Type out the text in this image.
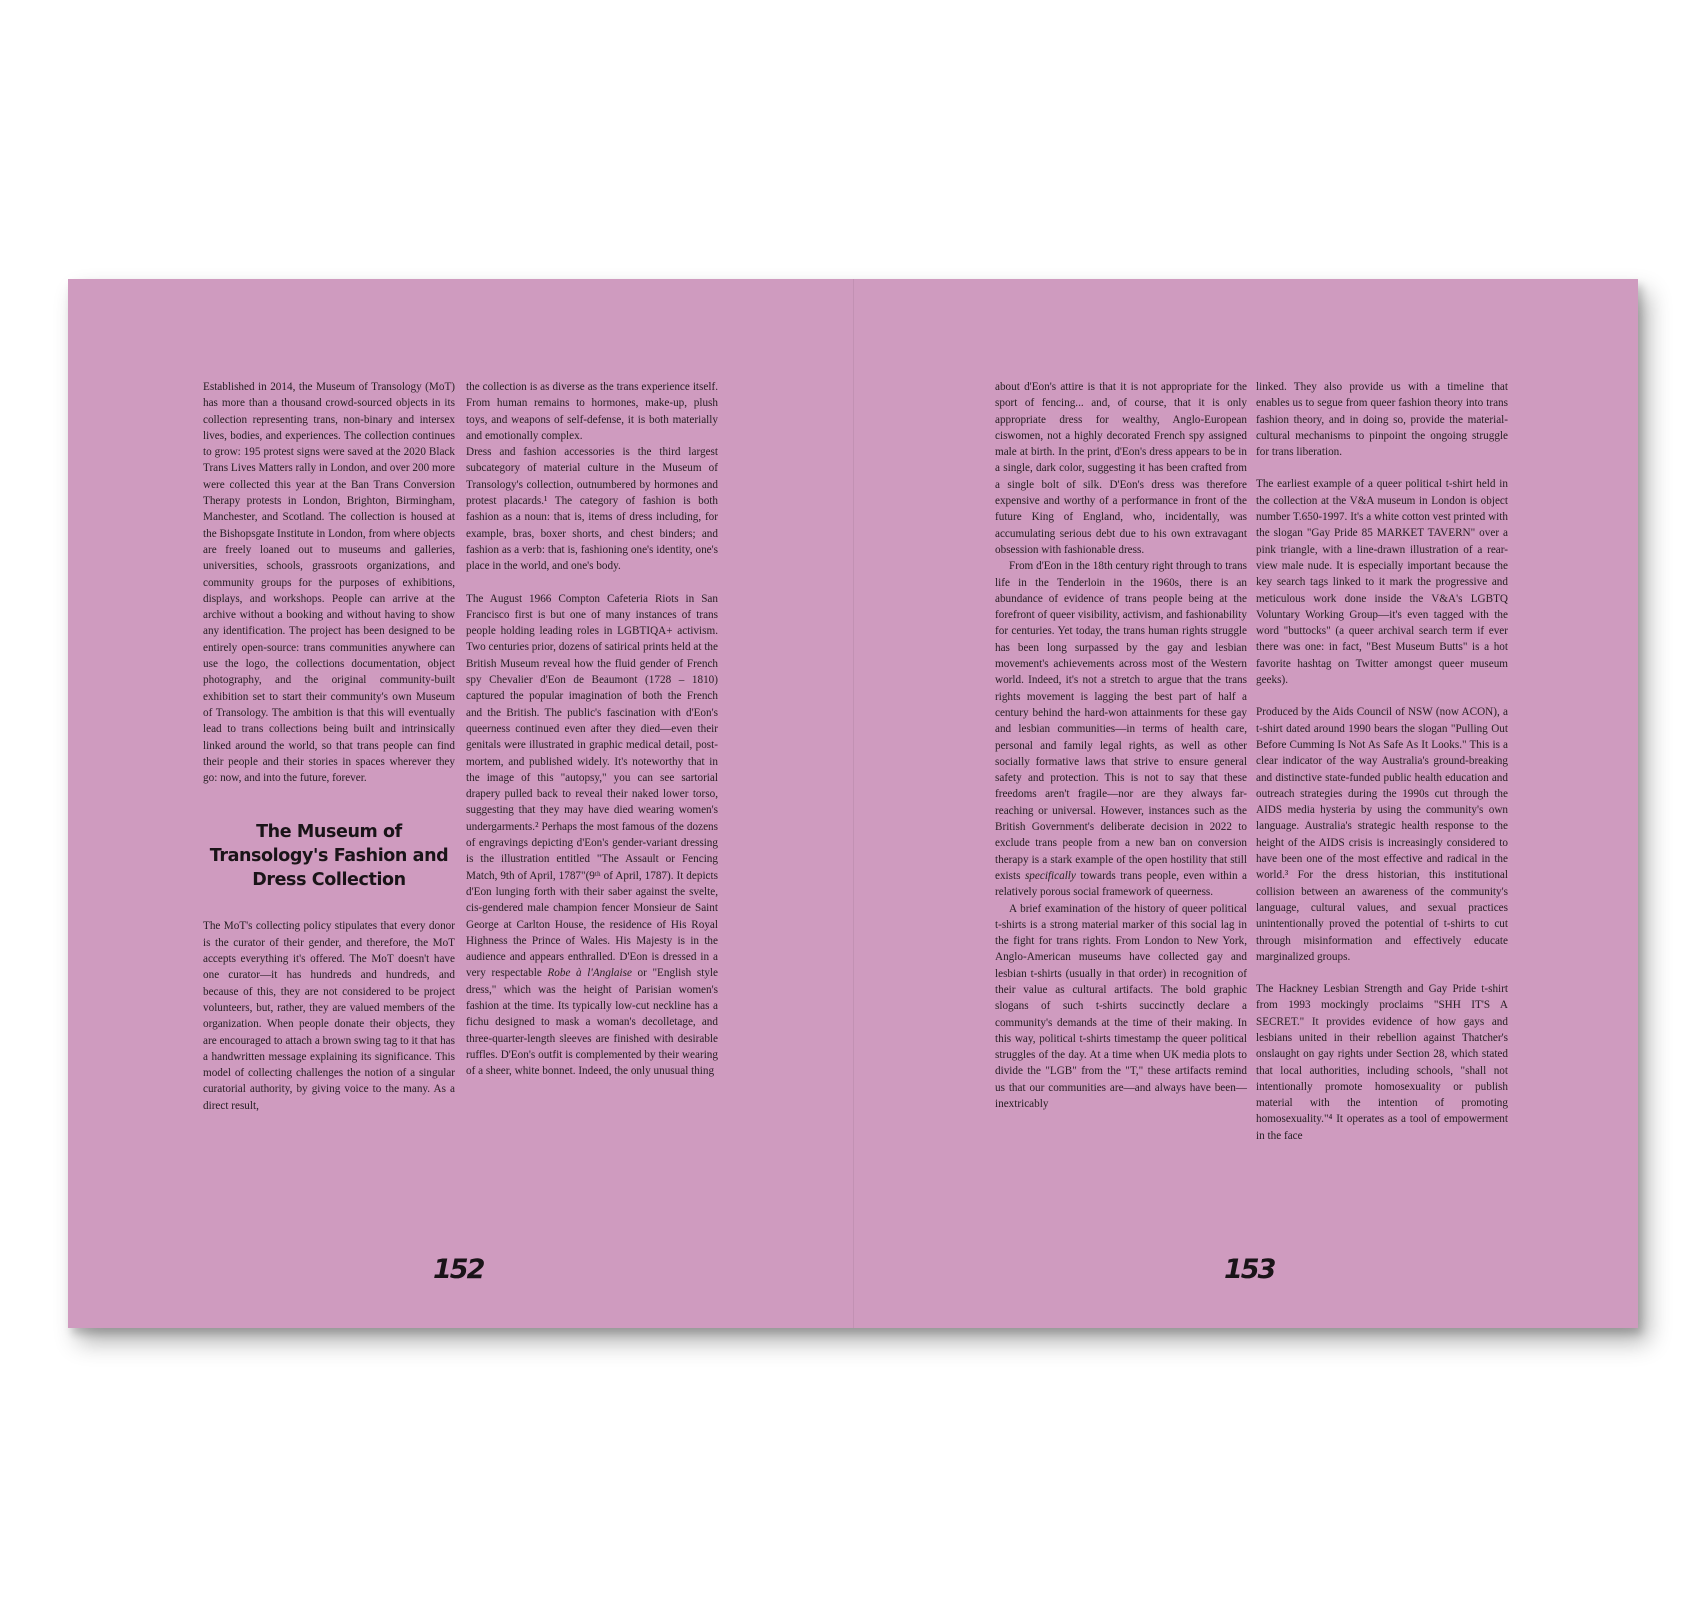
Established in 2014, the Museum of Transology (MoT) has more than a thousand crowd-sourced objects in its collection representing trans, non-binary and intersex lives, bodies, and experiences. The collection continues to grow: 195 protest signs were saved at the 2020 Black Trans Lives Matters rally in London, and over 200 more were collected this year at the Ban Trans Conversion Therapy protests in London, Brighton, Birmingham, Manchester, and Scotland. The collection is housed at the Bishopsgate Institute in London, from where objects are freely loaned out to museums and galleries, universities, schools, grassroots organizations, and community groups for the purposes of exhibitions, displays, and workshops. People can arrive at the archive without a booking and without having to show any identification. The project has been designed to be entirely open-source: trans communities anywhere can use the logo, the collections documentation, object photography, and the original community-built exhibition set to start their community's own Museum of Transology. The ambition is that this will eventually lead to trans collections being built and intrinsically linked around the world, so that trans people can find their people and their stories in spaces wherever they go: now, and into the future, forever.

The Museum of Transology's Fashion and Dress Collection

The MoT's collecting policy stipulates that every donor is the curator of their gender, and therefore, the MoT accepts everything it's offered. The MoT doesn't have one curator—it has hundreds and hundreds, and because of this, they are not considered to be project volunteers, but, rather, they are valued members of the organization. When people donate their objects, they are encouraged to attach a brown swing tag to it that has a handwritten message explaining its significance. This model of collecting challenges the notion of a singular curatorial authority, by giving voice to the many. As a direct result,

the collection is as diverse as the trans experience itself. From human remains to hormones, make-up, plush toys, and weapons of self-defense, it is both materially and emotionally complex.

Dress and fashion accessories is the third largest subcategory of material culture in the Museum of Transology's collection, outnumbered by hormones and protest placards.¹ The category of fashion is both fashion as a noun: that is, items of dress including, for example, bras, boxer shorts, and chest binders; and fashion as a verb: that is, fashioning one's identity, one's place in the world, and one's body.

The August 1966 Compton Cafeteria Riots in San Francisco first is but one of many instances of trans people holding leading roles in LGBTIQA+ activism. Two centuries prior, dozens of satirical prints held at the British Museum reveal how the fluid gender of French spy Chevalier d'Eon de Beaumont (1728 – 1810) captured the popular imagination of both the French and the British. The public's fascination with d'Eon's queerness continued even after they died—even their genitals were illustrated in graphic medical detail, post-mortem, and published widely. It's noteworthy that in the image of this "autopsy," you can see sartorial drapery pulled back to reveal their naked lower torso, suggesting that they may have died wearing women's undergarments.² Perhaps the most famous of the dozens of engravings depicting d'Eon's gender-variant dressing is the illustration entitled "The Assault or Fencing Match, 9th of April, 1787"(9ᵗʰ of April, 1787). It depicts d'Eon lunging forth with their saber against the svelte, cis-gendered male champion fencer Monsieur de Saint George at Carlton House, the residence of His Royal Highness the Prince of Wales. His Majesty is in the audience and appears enthralled. D'Eon is dressed in a very respectable Robe à l'Anglaise or "English style dress," which was the height of Parisian women's fashion at the time. Its typically low-cut neckline has a fichu designed to mask a woman's decolletage, and three-quarter-length sleeves are finished with desirable ruffles. D'Eon's outfit is complemented by their wearing of a sheer, white bonnet. Indeed, the only unusual thing

152

about d'Eon's attire is that it is not appropriate for the sport of fencing... and, of course, that it is only appropriate dress for wealthy, Anglo-European ciswomen, not a highly decorated French spy assigned male at birth. In the print, d'Eon's dress appears to be in a single, dark color, suggesting it has been crafted from a single bolt of silk. D'Eon's dress was therefore expensive and worthy of a performance in front of the future King of England, who, incidentally, was accumulating serious debt due to his own extravagant obsession with fashionable dress.

From d'Eon in the 18th century right through to trans life in the Tenderloin in the 1960s, there is an abundance of evidence of trans people being at the forefront of queer visibility, activism, and fashionability for centuries. Yet today, the trans human rights struggle has been long surpassed by the gay and lesbian movement's achievements across most of the Western world. Indeed, it's not a stretch to argue that the trans rights movement is lagging the best part of half a century behind the hard-won attainments for these gay and lesbian communities—in terms of health care, personal and family legal rights, as well as other socially formative laws that strive to ensure general safety and protection. This is not to say that these freedoms aren't fragile—nor are they always far-reaching or universal. However, instances such as the British Government's deliberate decision in 2022 to exclude trans people from a new ban on conversion therapy is a stark example of the open hostility that still exists specifically towards trans people, even within a relatively porous social framework of queerness.

A brief examination of the history of queer political t-shirts is a strong material marker of this social lag in the fight for trans rights. From London to New York, Anglo-American museums have collected gay and lesbian t-shirts (usually in that order) in recognition of their value as cultural artifacts. The bold graphic slogans of such t-shirts succinctly declare a community's demands at the time of their making. In this way, political t-shirts timestamp the queer political struggles of the day. At a time when UK media plots to divide the "LGB" from the "T," these artifacts remind us that our communities are—and always have been—inextricably

linked. They also provide us with a timeline that enables us to segue from queer fashion theory into trans fashion theory, and in doing so, provide the material-cultural mechanisms to pinpoint the ongoing struggle for trans liberation.

The earliest example of a queer political t-shirt held in the collection at the V&A museum in London is object number T.650-1997. It's a white cotton vest printed with the slogan "Gay Pride 85 MARKET TAVERN" over a pink triangle, with a line-drawn illustration of a rear-view male nude. It is especially important because the key search tags linked to it mark the progressive and meticulous work done inside the V&A's LGBTQ Voluntary Working Group—it's even tagged with the word "buttocks" (a queer archival search term if ever there was one: in fact, "Best Museum Butts" is a hot favorite hashtag on Twitter amongst queer museum geeks).

Produced by the Aids Council of NSW (now ACON), a t-shirt dated around 1990 bears the slogan "Pulling Out Before Cumming Is Not As Safe As It Looks." This is a clear indicator of the way Australia's ground-breaking and distinctive state-funded public health education and outreach strategies during the 1990s cut through the AIDS media hysteria by using the community's own language. Australia's strategic health response to the height of the AIDS crisis is increasingly considered to have been one of the most effective and radical in the world.³ For the dress historian, this institutional collision between an awareness of the community's language, cultural values, and sexual practices unintentionally proved the potential of t-shirts to cut through misinformation and effectively educate marginalized groups.

The Hackney Lesbian Strength and Gay Pride t-shirt from 1993 mockingly proclaims "SHH IT'S A SECRET." It provides evidence of how gays and lesbians united in their rebellion against Thatcher's onslaught on gay rights under Section 28, which stated that local authorities, including schools, "shall not intentionally promote homosexuality or publish material with the intention of promoting homosexuality."⁴ It operates as a tool of empowerment in the face

153
